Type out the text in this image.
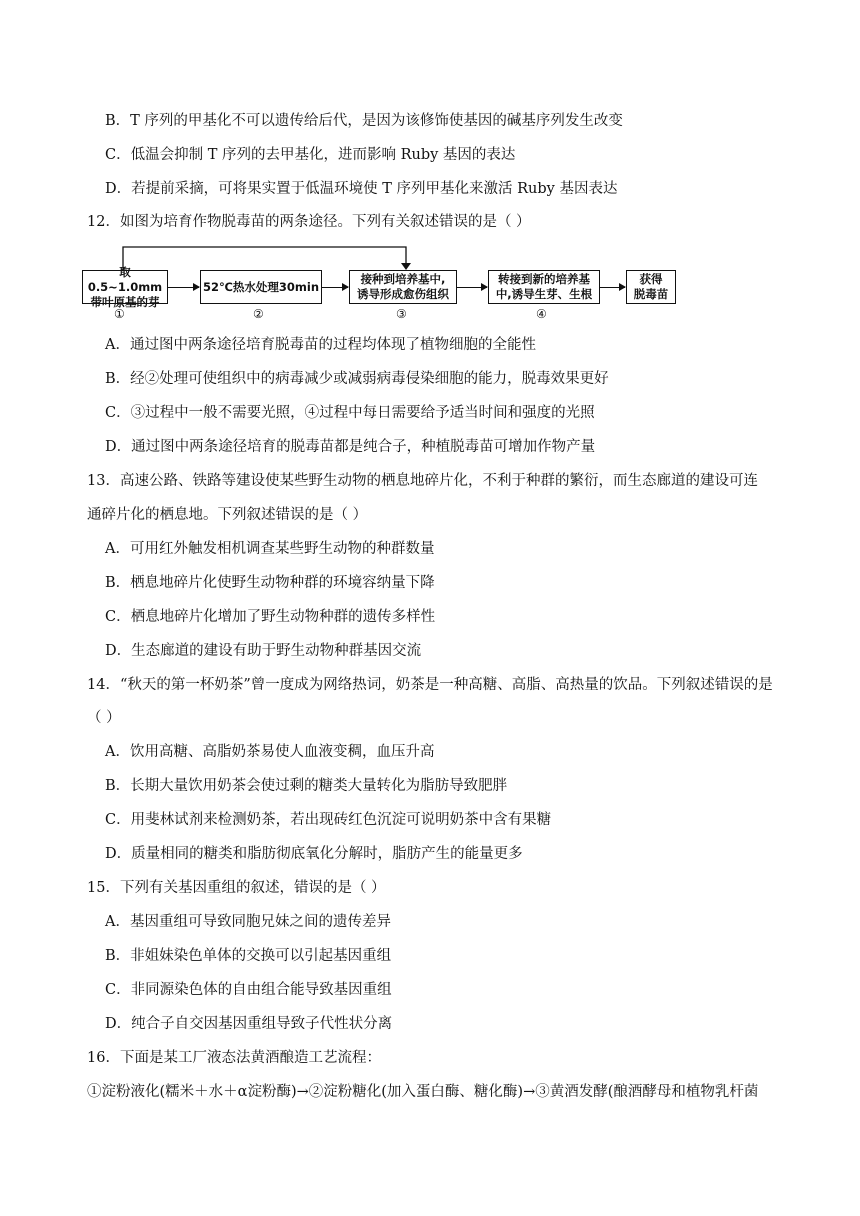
B．T 序列的甲基化不可以遗传给后代，是因为该修饰使基因的碱基序列发生改变
C．低温会抑制 T 序列的去甲基化，进而影响 Ruby 基因的表达
D．若提前采摘，可将果实置于低温环境使 T 序列甲基化来激活 Ruby 基因表达
12．如图为培育作物脱毒苗的两条途径。下列有关叙述错误的是（ ）
取0.5~1.0mm
带叶原基的芽
52℃热水处理30min
接种到培养基中,
诱导形成愈伤组织
转接到新的培养基
中,诱导生芽、生根
获得
脱毒苗
①	②	③	④
A．通过图中两条途径培育脱毒苗的过程均体现了植物细胞的全能性
B．经②处理可使组织中的病毒减少或减弱病毒侵染细胞的能力，脱毒效果更好
C．③过程中一般不需要光照，④过程中每日需要给予适当时间和强度的光照
D．通过图中两条途径培育的脱毒苗都是纯合子，种植脱毒苗可增加作物产量
13．高速公路、铁路等建设使某些野生动物的栖息地碎片化，不利于种群的繁衍，而生态廊道的建设可连
通碎片化的栖息地。下列叙述错误的是（ ）
A．可用红外触发相机调查某些野生动物的种群数量
B．栖息地碎片化使野生动物种群的环境容纳量下降
C．栖息地碎片化增加了野生动物种群的遗传多样性
D．生态廊道的建设有助于野生动物种群基因交流
14．“秋天的第一杯奶茶”曾一度成为网络热词，奶茶是一种高糖、高脂、高热量的饮品。下列叙述错误的是
（ ）
A．饮用高糖、高脂奶茶易使人血液变稠，血压升高
B．长期大量饮用奶茶会使过剩的糖类大量转化为脂肪导致肥胖
C．用斐林试剂来检测奶茶，若出现砖红色沉淀可说明奶茶中含有果糖
D．质量相同的糖类和脂肪彻底氧化分解时，脂肪产生的能量更多
15．下列有关基因重组的叙述，错误的是（ ）
A．基因重组可导致同胞兄妹之间的遗传差异
B．非姐妹染色单体的交换可以引起基因重组
C．非同源染色体的自由组合能导致基因重组
D．纯合子自交因基因重组导致子代性状分离
16．下面是某工厂液态法黄酒酿造工艺流程：
①淀粉液化(糯米＋水＋α淀粉酶)→②淀粉糖化(加入蛋白酶、糖化酶)→③黄酒发酵(酿酒酵母和植物乳杆菌
